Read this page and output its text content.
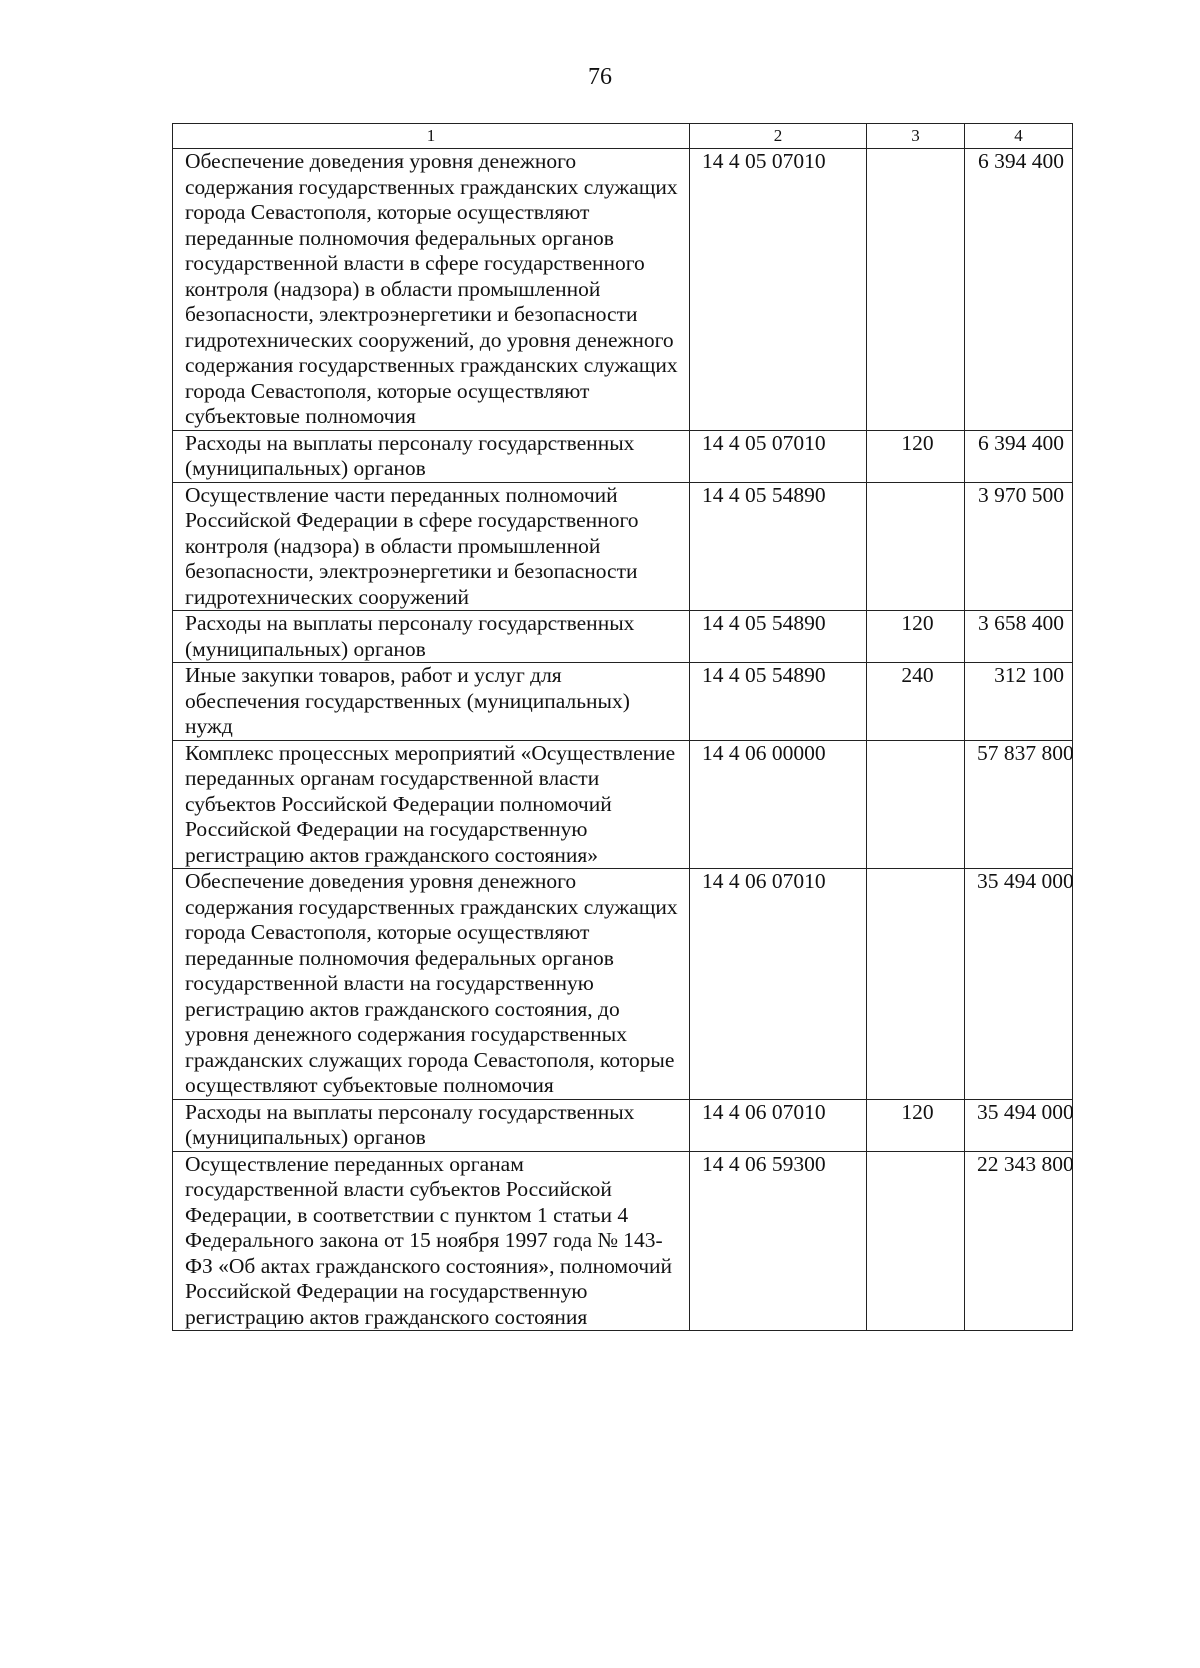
76
1	2	3	4
Обеспечение доведения уровня денежного содержания государственных гражданских служащих города Севастополя, которые осуществляют переданные полномочия федеральных органов государственной власти в сфере государственного контроля (надзора) в области промышленной безопасности, электроэнергетики и безопасности гидротехнических сооружений, до уровня денежного содержания государственных гражданских служащих города Севастополя, которые осуществляют субъектовые полномочия	14 4 05 07010		6 394 400
Расходы на выплаты персоналу государственных (муниципальных) органов	14 4 05 07010	120	6 394 400
Осуществление части переданных полномочий Российской Федерации в сфере государственного контроля (надзора) в области промышленной безопасности, электроэнергетики и безопасности гидротехнических сооружений	14 4 05 54890		3 970 500
Расходы на выплаты персоналу государственных (муниципальных) органов	14 4 05 54890	120	3 658 400
Иные закупки товаров, работ и услуг для обеспечения государственных (муниципальных) нужд	14 4 05 54890	240	312 100
Комплекс процессных мероприятий «Осуществление переданных органам государственной власти субъектов Российской Федерации полномочий Российской Федерации на государственную регистрацию актов гражданского состояния»	14 4 06 00000		57 837 800
Обеспечение доведения уровня денежного содержания государственных гражданских служащих города Севастополя, которые осуществляют переданные полномочия федеральных органов государственной власти на государственную регистрацию актов гражданского состояния, до уровня денежного содержания государственных гражданских служащих города Севастополя, которые осуществляют субъектовые полномочия	14 4 06 07010		35 494 000
Расходы на выплаты персоналу государственных (муниципальных) органов	14 4 06 07010	120	35 494 000
Осуществление переданных органам государственной власти субъектов Российской Федерации, в соответствии с пунктом 1 статьи 4 Федерального закона от 15 ноября 1997 года № 143-ФЗ «Об актах гражданского состояния», полномочий Российской Федерации на государственную регистрацию актов гражданского состояния	14 4 06 59300		22 343 800
